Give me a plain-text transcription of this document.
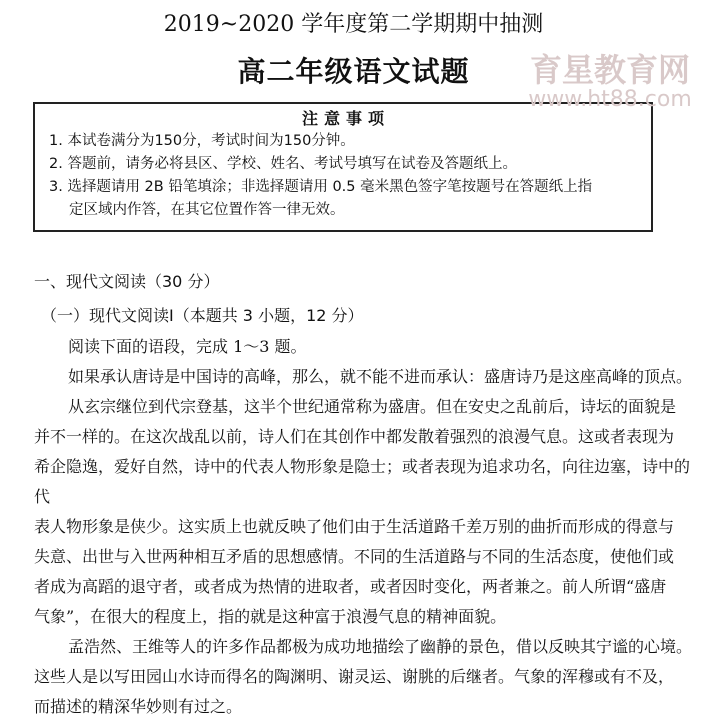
2019~2020 学年度第二学期期中抽测
高二年级语文试题
注意事项
1. 本试卷满分为150分，考试时间为150分钟。
2. 答题前，请务必将县区、学校、姓名、考试号填写在试卷及答题纸上。
3. 选择题请用 2B 铅笔填涂；非选择题请用 0.5 毫米黑色签字笔按题号在答题纸上指
定区域内作答，在其它位置作答一律无效。
一、现代文阅读（30 分）
（一）现代文阅读Ⅰ（本题共 3 小题，12 分）
阅读下面的语段，完成 1～3 题。
如果承认唐诗是中国诗的高峰，那么，就不能不进而承认：盛唐诗乃是这座高峰的顶点。
从玄宗继位到代宗登基，这半个世纪通常称为盛唐。但在安史之乱前后，诗坛的面貌是
并不一样的。在这次战乱以前，诗人们在其创作中都发散着强烈的浪漫气息。这或者表现为
希企隐逸，爱好自然，诗中的代表人物形象是隐士；或者表现为追求功名，向往边塞，诗中的代
表人物形象是侠少。这实质上也就反映了他们由于生活道路千差万别的曲折而形成的得意与
失意、出世与入世两种相互矛盾的思想感情。不同的生活道路与不同的生活态度，使他们或
者成为高蹈的退守者，或者成为热情的进取者，或者因时变化，两者兼之。前人所谓“盛唐
气象”，在很大的程度上，指的就是这种富于浪漫气息的精神面貌。
孟浩然、王维等人的许多作品都极为成功地描绘了幽静的景色，借以反映其宁谧的心境。
这些人是以写田园山水诗而得名的陶渊明、谢灵运、谢朓的后继者。气象的浑穆或有不及，
而描述的精深华妙则有过之。
育星教育网
www.ht88.com
